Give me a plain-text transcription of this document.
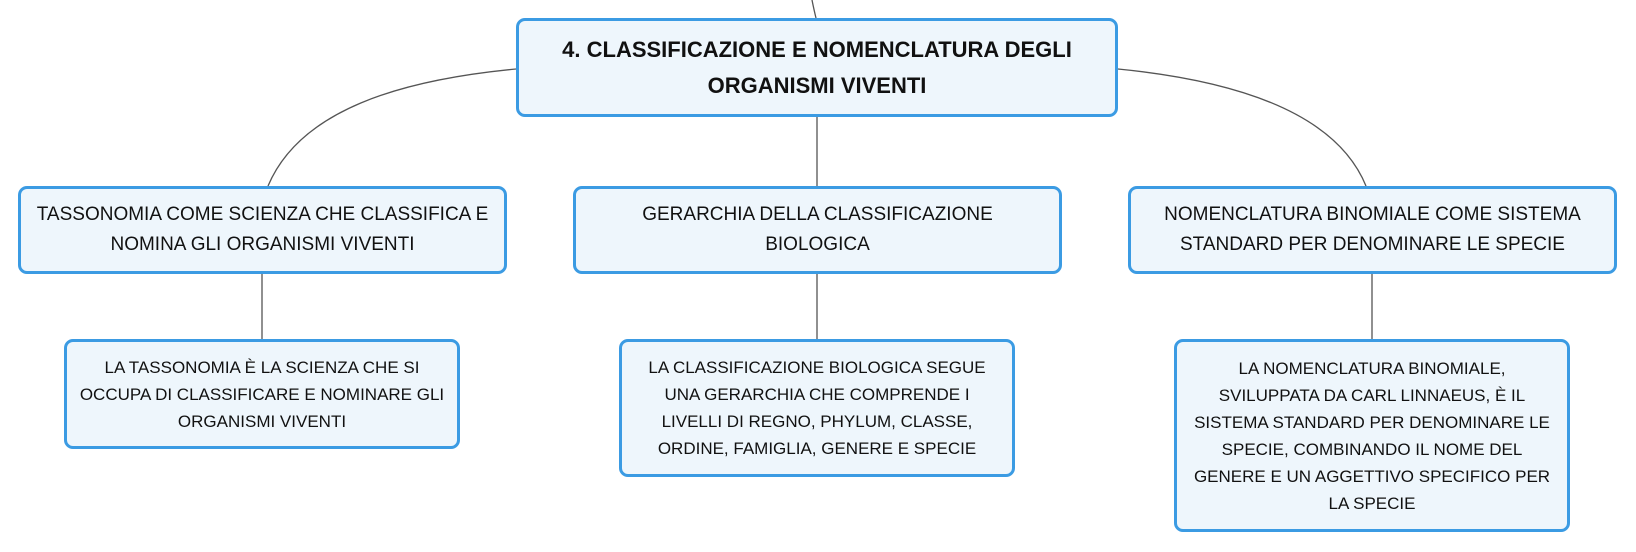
4. CLASSIFICAZIONE E NOMENCLATURA DEGLI ORGANISMI VIVENTI
TASSONOMIA COME SCIENZA CHE CLASSIFICA E NOMINA GLI ORGANISMI VIVENTI
GERARCHIA DELLA CLASSIFICAZIONE BIOLOGICA
NOMENCLATURA BINOMIALE COME SISTEMA STANDARD PER DENOMINARE LE SPECIE
LA TASSONOMIA È LA SCIENZA CHE SI OCCUPA DI CLASSIFICARE E NOMINARE GLI ORGANISMI VIVENTI
LA CLASSIFICAZIONE BIOLOGICA SEGUE UNA GERARCHIA CHE COMPRENDE I LIVELLI DI REGNO, PHYLUM, CLASSE, ORDINE, FAMIGLIA, GENERE E SPECIE
LA NOMENCLATURA BINOMIALE, SVILUPPATA DA CARL LINNAEUS, È IL SISTEMA STANDARD PER DENOMINARE LE SPECIE, COMBINANDO IL NOME DEL GENERE E UN AGGETTIVO SPECIFICO PER LA SPECIE
